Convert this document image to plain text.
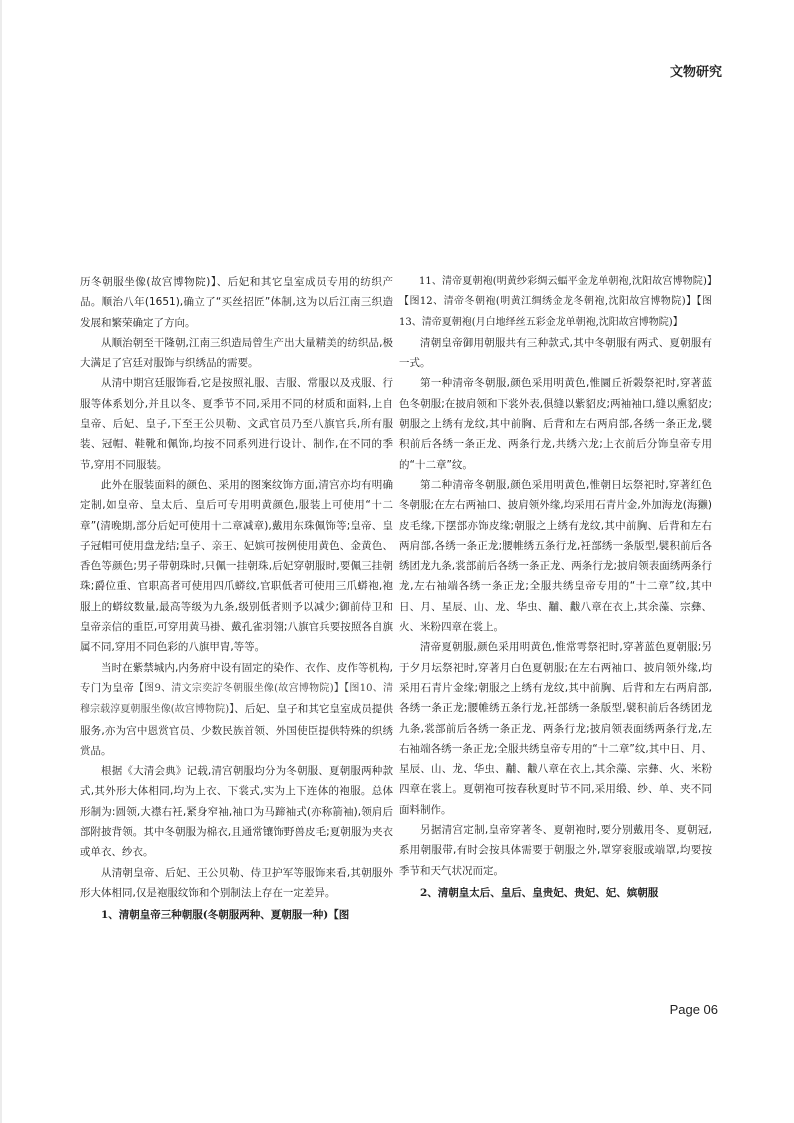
文物研究

历冬朝服坐像(故宫博物院)】、后妃和其它皇室成员专用的纺织产品。顺治八年(1651),确立了“买丝招匠”体制,这为以后江南三织造发展和繁荣确定了方向。

从顺治朝至干隆朝,江南三织造局曾生产出大量精美的纺织品,极大满足了宫廷对服饰与织绣品的需要。

从清中期宫廷服饰看,它是按照礼服、吉服、常服以及戎服、行服等体系划分,并且以冬、夏季节不同,采用不同的材质和面料,上自皇帝、后妃、皇子,下至王公贝勒、文武官员乃至八旗官兵,所有服装、冠帽、鞋靴和佩饰,均按不同系列进行设计、制作,在不同的季节,穿用不同服装。

此外在服装面料的颜色、采用的图案纹饰方面,清宫亦均有明确定制,如皇帝、皇太后、皇后可专用明黄颜色,服装上可使用“十二章”(清晚期,部分后妃可使用十二章减章),戴用东珠佩饰等;皇帝、皇子冠帽可使用盘龙结;皇子、亲王、妃嫔可按例使用黄色、金黄色、香色等颜色;男子带朝珠时,只佩一挂朝珠,后妃穿朝服时,要佩三挂朝珠;爵位重、官职高者可使用四爪蟒纹,官职低者可使用三爪蟒袍,袍服上的蟒纹数量,最高等级为九条,级别低者则予以减少;御前侍卫和皇帝亲信的重臣,可穿用黄马褂、戴孔雀羽翎;八旗官兵要按照各自旗属不同,穿用不同色彩的八旗甲胄,等等。

当时在紫禁城内,内务府中设有固定的染作、衣作、皮作等机构,专门为皇帝【图9、清文宗奕詝冬朝服坐像(故宫博物院)】【图10、清穆宗载淳夏朝服坐像(故宫博物院)】、后妃、皇子和其它皇室成员提供服务,亦为宫中恩赏官员、少数民族首领、外国使臣提供特殊的织绣赏品。

根据《大清会典》记载,清宫朝服均分为冬朝服、夏朝服两种款式,其外形大体相同,均为上衣、下裳式,实为上下连体的袍服。总体形制为:圆领,大襟右衽,紧身窄袖,袖口为马蹄袖式(亦称箭袖),领肩后部附披背领。其中冬朝服为棉衣,且通常镶饰野兽皮毛;夏朝服为夹衣或单衣、纱衣。

从清朝皇帝、后妃、王公贝勒、侍卫护军等服饰来看,其朝服外形大体相同,仅是袍服纹饰和个别制法上存在一定差异。

1、清朝皇帝三种朝服(冬朝服两种、夏朝服一种)【图

11、清帝夏朝袍(明黄纱彩绸云蝠平金龙单朝袍,沈阳故宫博物院)】【图12、清帝冬朝袍(明黄江绸绣金龙冬朝袍,沈阳故宫博物院)】【图13、清帝夏朝袍(月白地绎丝五彩金龙单朝袍,沈阳故宫博物院)】

清朝皇帝御用朝服共有三种款式,其中冬朝服有两式、夏朝服有一式。

第一种清帝冬朝服,颜色采用明黄色,惟圜丘祈榖祭祀时,穿著蓝色冬朝服;在披肩领和下裳外表,俱缝以紫貂皮;两袖袖口,缝以熏貂皮;朝服之上绣有龙纹,其中前胸、后背和左右两肩部,各绣一条正龙,襞积前后各绣一条正龙、两条行龙,共绣六龙;上衣前后分饰皇帝专用的“十二章”纹。

第二种清帝冬朝服,颜色采用明黄色,惟朝日坛祭祀时,穿著红色冬朝服;在左右两袖口、披肩领外缘,均采用石青片金,外加海龙(海獭)皮毛缘,下摆部亦饰皮缘;朝服之上绣有龙纹,其中前胸、后背和左右两肩部,各绣一条正龙;腰帷绣五条行龙,衽部绣一条版型,襞积前后各绣团龙九条,裳部前后各绣一条正龙、两条行龙;披肩领表面绣两条行龙,左右袖端各绣一条正龙;全服共绣皇帝专用的“十二章”纹,其中日、月、星辰、山、龙、华虫、黼、黻八章在衣上,其余藻、宗彝、火、米粉四章在裳上。

清帝夏朝服,颜色采用明黄色,惟常雩祭祀时,穿著蓝色夏朝服;另于夕月坛祭祀时,穿著月白色夏朝服;在左右两袖口、披肩领外缘,均采用石青片金缘;朝服之上绣有龙纹,其中前胸、后背和左右两肩部,各绣一条正龙;腰帷绣五条行龙,衽部绣一条版型,襞积前后各绣团龙九条,裳部前后各绣一条正龙、两条行龙;披肩领表面绣两条行龙,左右袖端各绣一条正龙;全服共绣皇帝专用的“十二章”纹,其中日、月、星辰、山、龙、华虫、黼、黻八章在衣上,其余藻、宗彝、火、米粉四章在裳上。夏朝袍可按春秋夏时节不同,采用缎、纱、单、夹不同面料制作。

另据清宫定制,皇帝穿著冬、夏朝袍时,要分别戴用冬、夏朝冠,系用朝服带,有时会按具体需要于朝服之外,罩穿衮服或端罩,均要按季节和天气状况而定。

2、清朝皇太后、皇后、皇贵妃、贵妃、妃、嫔朝服

Page 06
